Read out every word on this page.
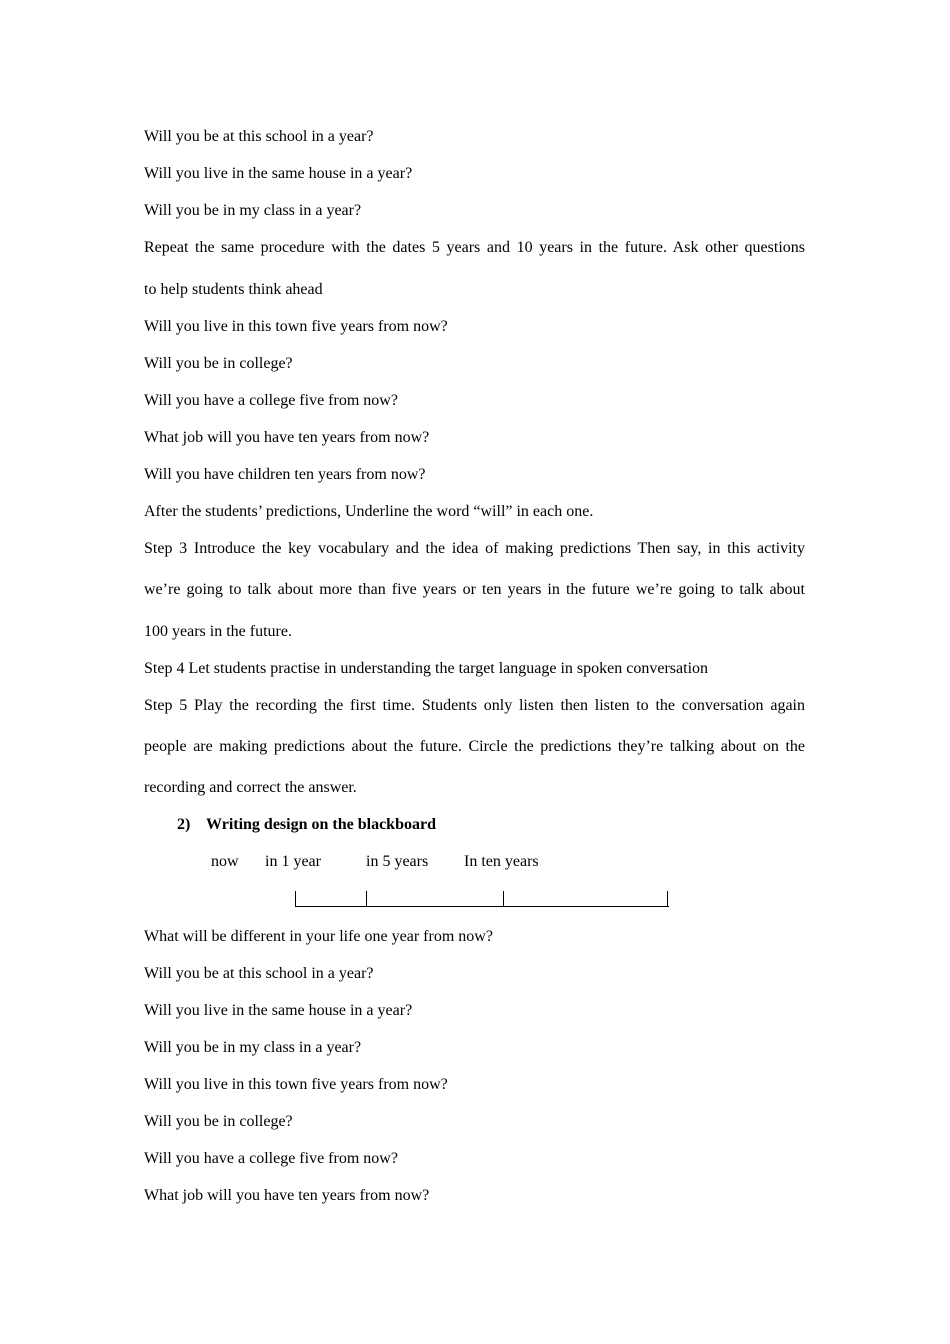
Will you be at this school in a year?
Will you live in the same house in a year?
Will you be in my class in a year?
Repeat the same procedure with the dates 5 years and 10 years in the future. Ask other questions
to help students think ahead
Will you live in this town five years from now?
Will you be in college?
Will you have a college five from now?
What job will you have ten years from now?
Will you have children ten years from now?
After the students’ predictions, Underline the word “will” in each one.
Step 3 Introduce the key vocabulary and the idea of making predictions Then say, in this activity
we’re going to talk about more than five years or ten years in the future we’re going to talk about
100 years in the future.
Step 4 Let students practise in understanding the target language in spoken conversation
Step 5 Play the recording the first time. Students only listen then listen to the conversation again
people are making predictions about the future. Circle the predictions they’re talking about on the
recording and correct the answer.
2) Writing design on the blackboard
now in 1 year	in 5 years In ten years
What will be different in your life one year from now?
Will you be at this school in a year?
Will you live in the same house in a year?
Will you be in my class in a year?
Will you live in this town five years from now?
Will you be in college?
Will you have a college five from now?
What job will you have ten years from now?
